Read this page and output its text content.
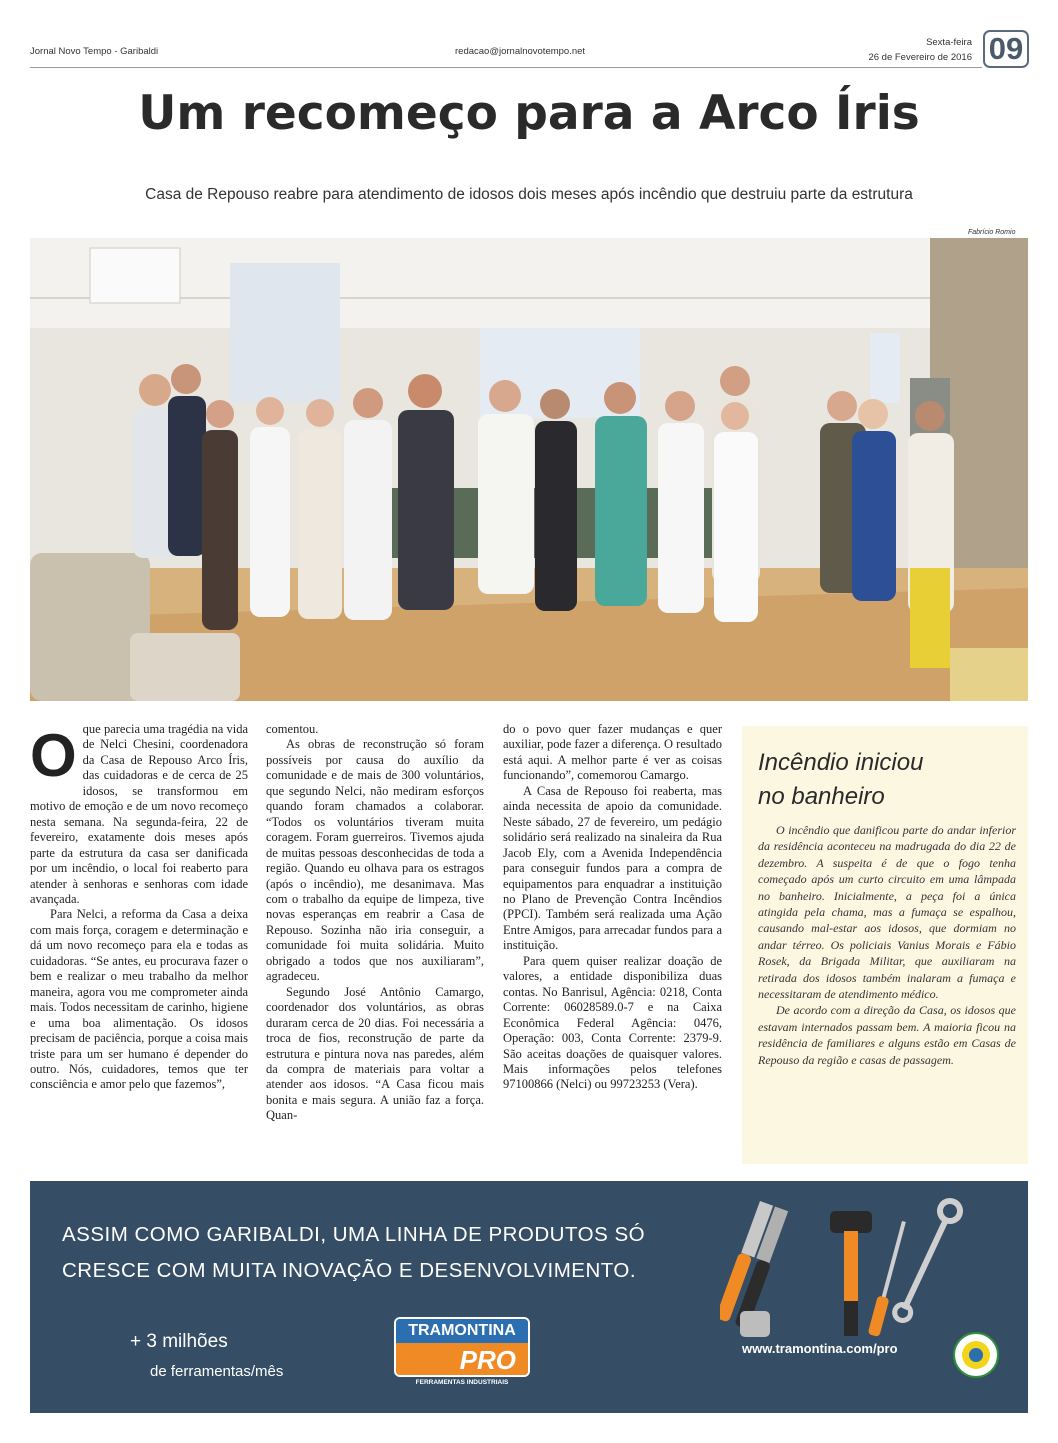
Jornal Novo Tempo - Garibaldi	redacao@jornalnovotempo.net
Sexta-feira
26 de Fevereiro de 2016 09
Um recomeço para a Arco Íris
Casa de Repouso reabre para atendimento de idosos dois meses após incêndio que destruiu parte da estrutura
Fabrício Romio
O que parecia uma tragédia na vida de Nelci Chesini, coordenadora da Casa de Repouso Arco Íris, das cuidadoras e de cerca de 25 idosos, se transformou em motivo de emoção e de um novo recomeço nesta semana. Na segunda-feira, 22 de fevereiro, exatamente dois meses após parte da estrutura da casa ser danificada por um incêndio, o local foi reaberto para atender à senhoras e senhoras com idade avançada.

Para Nelci, a reforma da Casa a deixa com mais força, coragem e determinação e dá um novo recomeço para ela e todas as cuidadoras. “Se antes, eu procurava fazer o bem e realizar o meu trabalho da melhor maneira, agora vou me comprometer ainda mais. Todos necessitam de carinho, higiene e uma boa alimentação. Os idosos precisam de paciência, porque a coisa mais triste para um ser humano é depender do outro. Nós, cuidadores, temos que ter consciência e amor pelo que fazemos”,

comentou.

As obras de reconstrução só foram possíveis por causa do auxílio da comunidade e de mais de 300 voluntários, que segundo Nelci, não mediram esforços quando foram chamados a colaborar. “Todos os voluntários tiveram muita coragem. Foram guerreiros. Tivemos ajuda de muitas pessoas desconhecidas de toda a região. Quando eu olhava para os estragos (após o incêndio), me desanimava. Mas com o trabalho da equipe de limpeza, tive novas esperanças em reabrir a Casa de Repouso. Sozinha não iria conseguir, a comunidade foi muita solidária. Muito obrigado a todos que nos auxiliaram”, agradeceu.

Segundo José Antônio Camargo, coordenador dos voluntários, as obras duraram cerca de 20 dias. Foi necessária a troca de fios, reconstrução de parte da estrutura e pintura nova nas paredes, além da compra de materiais para voltar a atender aos idosos. “A Casa ficou mais bonita e mais segura. A união faz a força. Quan-

do o povo quer fazer mudanças e quer auxiliar, pode fazer a diferença. O resultado está aqui. A melhor parte é ver as coisas funcionando”, comemorou Camargo.

A Casa de Repouso foi reaberta, mas ainda necessita de apoio da comunidade. Neste sábado, 27 de fevereiro, um pedágio solidário será realizado na sinaleira da Rua Jacob Ely, com a Avenida Independência para conseguir fundos para a compra de equipamentos para enquadrar a instituição no Plano de Prevenção Contra Incêndios (PPCI). Também será realizada uma Ação Entre Amigos, para arrecadar fundos para a instituição.

Para quem quiser realizar doação de valores, a entidade disponibiliza duas contas. No Banrisul, Agência: 0218, Conta Corrente: 06028589.0-7 e na Caixa Econômica Federal Agência: 0476, Operação: 003, Conta Corrente: 2379-9. São aceitas doações de quaisquer valores. Mais informações pelos telefones 97100866 (Nelci) ou 99723253 (Vera).

Incêndio iniciou
no banheiro

O incêndio que danificou parte do andar inferior da residência aconteceu na madrugada do dia 22 de dezembro. A suspeita é de que o fogo tenha começado após um curto circuito em uma lâmpada no banheiro. Inicialmente, a peça foi a única atingida pela chama, mas a fumaça se espalhou, causando mal-estar aos idosos, que dormiam no andar térreo. Os policiais Vanius Morais e Fábio Rosek, da Brigada Militar, que auxiliaram na retirada dos idosos também inalaram a fumaça e necessitaram de atendimento médico.

De acordo com a direção da Casa, os idosos que estavam internados passam bem. A maioria ficou na residência de familiares e alguns estão em Casas de Repouso da região e casas de passagem.

ASSIM COMO GARIBALDI, UMA LINHA DE PRODUTOS SÓ
CRESCE COM MUITA INOVAÇÃO E DESENVOLVIMENTO.
+ 3 milhões
de ferramentas/mês
TRAMONTINA
PRO
FERRAMENTAS INDUSTRIAIS
www.tramontina.com/pro
